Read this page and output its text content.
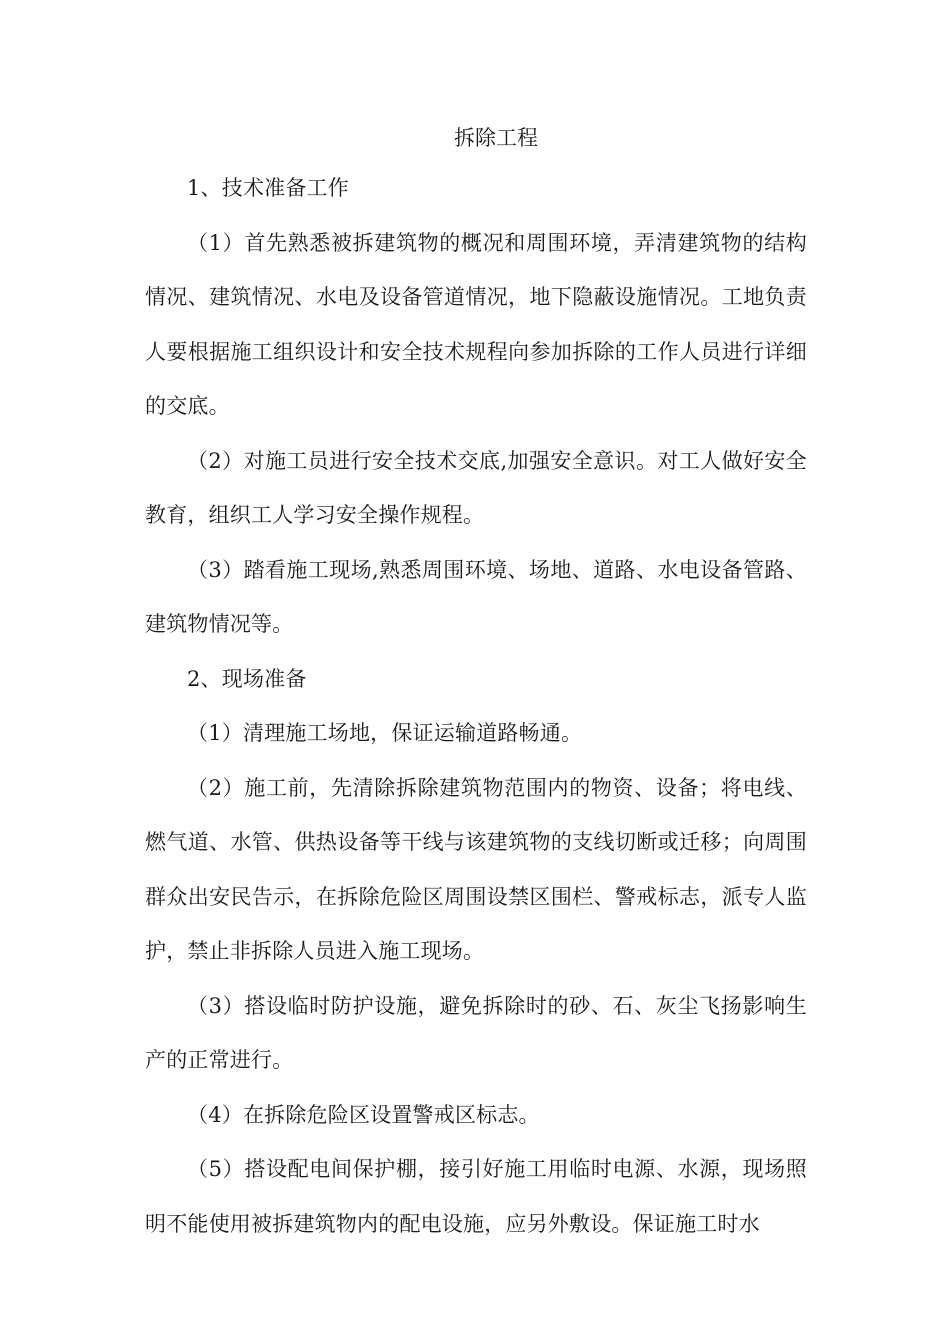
拆除工程

1、技术准备工作

（1）首先熟悉被拆建筑物的概况和周围环境，弄清建筑物的结构情况、建筑情况、水电及设备管道情况，地下隐蔽设施情况。工地负责人要根据施工组织设计和安全技术规程向参加拆除的工作人员进行详细的交底。

（2）对施工员进行安全技术交底,加强安全意识。对工人做好安全教育，组织工人学习安全操作规程。

（3）踏看施工现场,熟悉周围环境、场地、道路、水电设备管路、建筑物情况等。

2、现场准备

（1）清理施工场地，保证运输道路畅通。

（2）施工前，先清除拆除建筑物范围内的物资、设备；将电线、燃气道、水管、供热设备等干线与该建筑物的支线切断或迁移；向周围群众出安民告示，在拆除危险区周围设禁区围栏、警戒标志，派专人监护，禁止非拆除人员进入施工现场。

（3）搭设临时防护设施，避免拆除时的砂、石、灰尘飞扬影响生产的正常进行。

（4）在拆除危险区设置警戒区标志。

（5）搭设配电间保护棚，接引好施工用临时电源、水源，现场照明不能使用被拆建筑物内的配电设施，应另外敷设。保证施工时水
